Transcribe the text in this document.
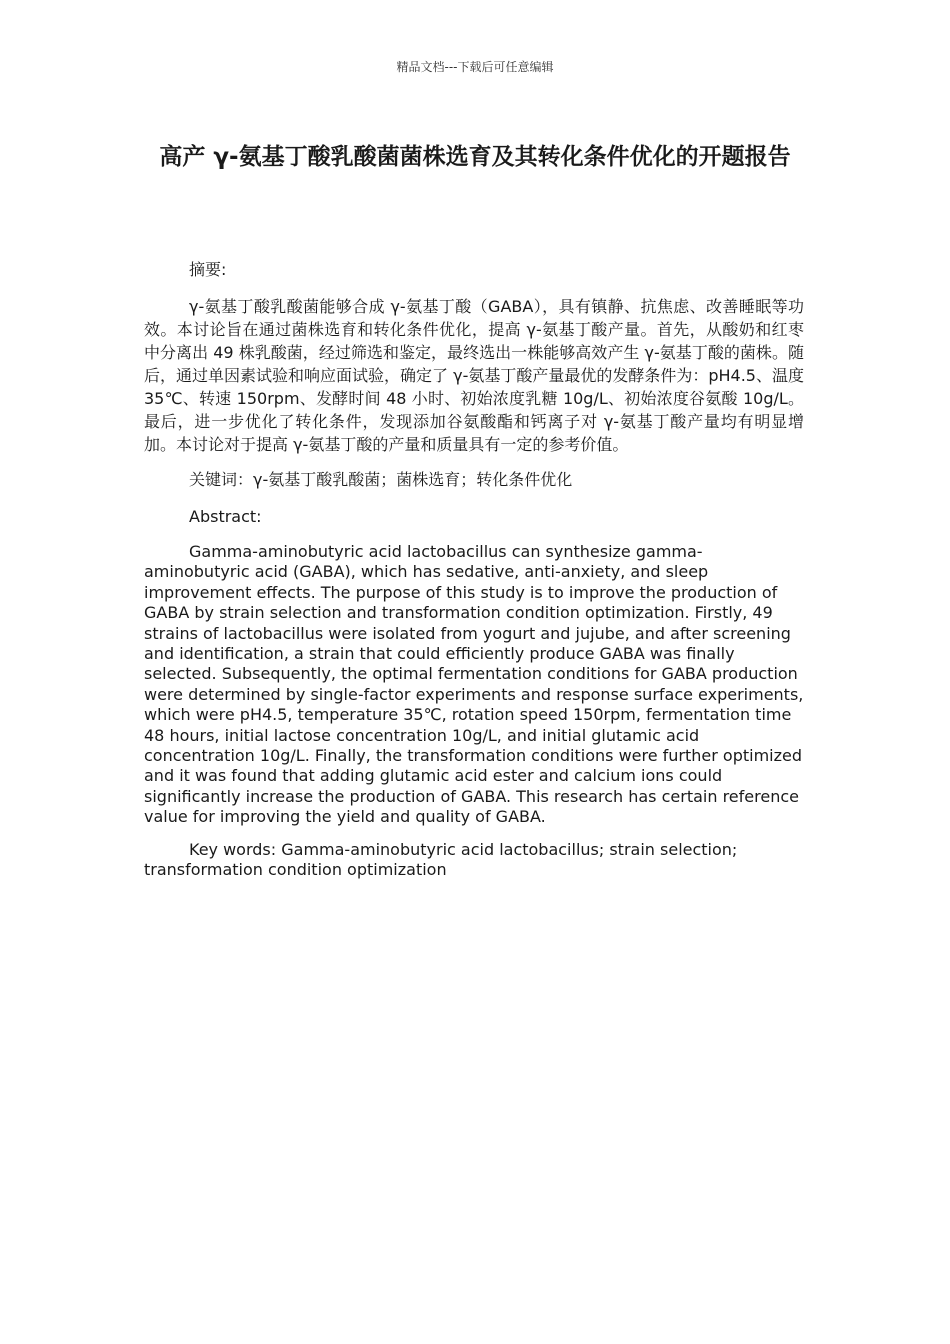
精品文档---下载后可任意编辑
高产 γ-氨基丁酸乳酸菌菌株选育及其转化条件优化的开题报告

摘要:

γ-氨基丁酸乳酸菌能够合成 γ-氨基丁酸（GABA），具有镇静、抗焦虑、改善睡眠等功效。本讨论旨在通过菌株选育和转化条件优化，提高 γ-氨基丁酸产量。首先，从酸奶和红枣中分离出 49 株乳酸菌，经过筛选和鉴定，最终选出一株能够高效产生 γ-氨基丁酸的菌株。随后，通过单因素试验和响应面试验，确定了 γ-氨基丁酸产量最优的发酵条件为：pH4.5、温度 35℃、转速 150rpm、发酵时间 48 小时、初始浓度乳糖 10g/L、初始浓度谷氨酸 10g/L。最后，进一步优化了转化条件，发现添加谷氨酸酯和钙离子对 γ-氨基丁酸产量均有明显增加。本讨论对于提高 γ-氨基丁酸的产量和质量具有一定的参考价值。

关键词：γ-氨基丁酸乳酸菌；菌株选育；转化条件优化

Abstract:

Gamma-aminobutyric acid lactobacillus can synthesize gamma-aminobutyric acid (GABA), which has sedative, anti-anxiety, and sleep improvement effects. The purpose of this study is to improve the production of GABA by strain selection and transformation condition optimization. Firstly, 49 strains of lactobacillus were isolated from yogurt and jujube, and after screening and identification, a strain that could efficiently produce GABA was finally selected. Subsequently, the optimal fermentation conditions for GABA production were determined by single-factor experiments and response surface experiments, which were pH4.5, temperature 35℃, rotation speed 150rpm, fermentation time 48 hours, initial lactose concentration 10g/L, and initial glutamic acid concentration 10g/L. Finally, the transformation conditions were further optimized and it was found that adding glutamic acid ester and calcium ions could significantly increase the production of GABA. This research has certain reference value for improving the yield and quality of GABA.

Key words: Gamma-aminobutyric acid lactobacillus; strain selection; transformation condition optimization
